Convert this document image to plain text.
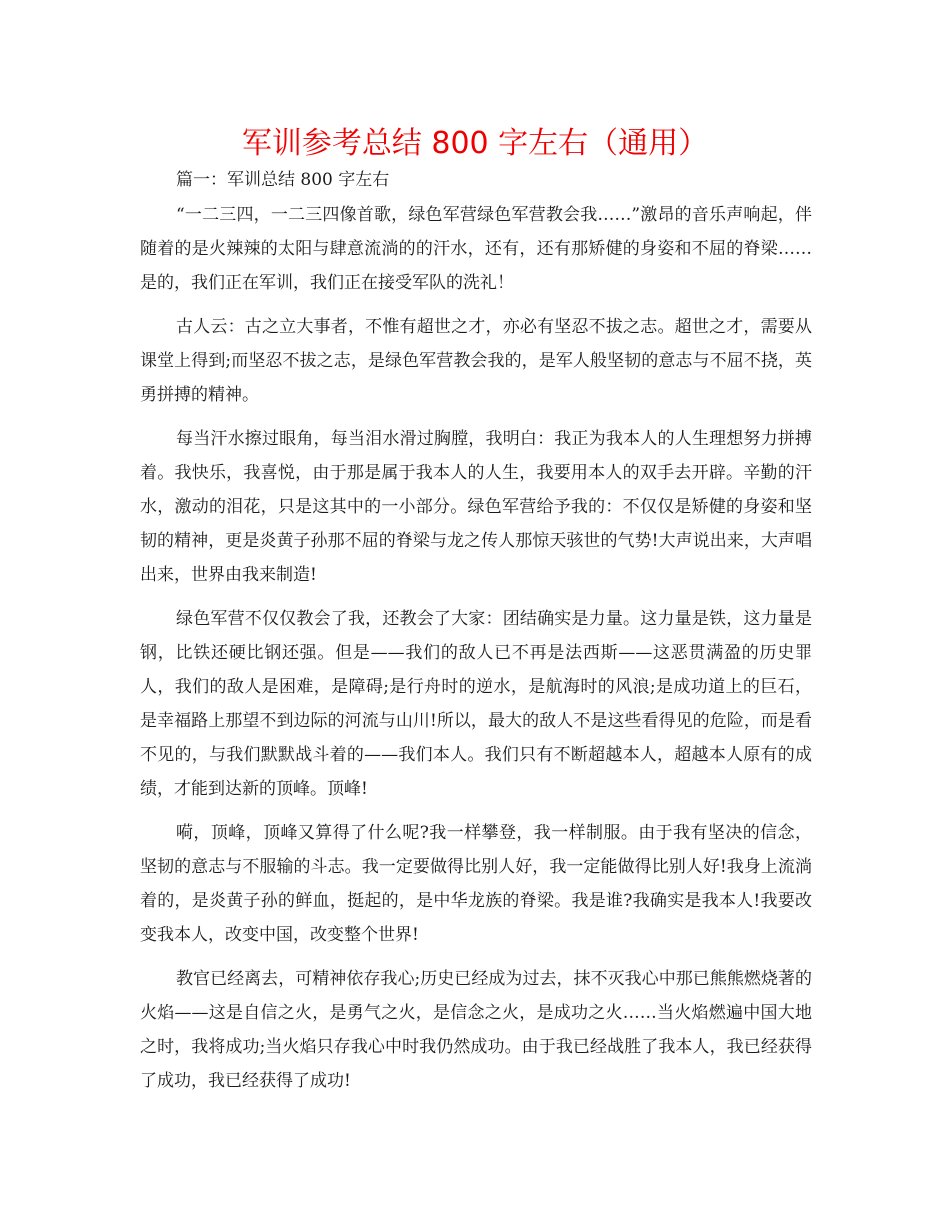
军训参考总结 800 字左右（通用）

篇一：军训总结 800 字左右

“一二三四，一二三四像首歌，绿色军营绿色军营教会我……”激昂的音乐声响起，伴随着的是火辣辣的太阳与肆意流淌的的汗水，还有，还有那矫健的身姿和不屈的脊梁……是的，我们正在军训，我们正在接受军队的洗礼！

古人云：古之立大事者，不惟有超世之才，亦必有坚忍不拔之志。超世之才，需要从课堂上得到;而坚忍不拔之志，是绿色军营教会我的，是军人般坚韧的意志与不屈不挠，英勇拼搏的精神。

每当汗水擦过眼角，每当泪水滑过胸膛，我明白：我正为我本人的人生理想努力拼搏着。我快乐，我喜悦，由于那是属于我本人的人生，我要用本人的双手去开辟。辛勤的汗水，激动的泪花，只是这其中的一小部分。绿色军营给予我的：不仅仅是矫健的身姿和坚韧的精神，更是炎黄子孙那不屈的脊梁与龙之传人那惊天骇世的气势!大声说出来，大声唱出来，世界由我来制造!

绿色军营不仅仅教会了我，还教会了大家：团结确实是力量。这力量是铁，这力量是钢，比铁还硬比钢还强。但是——我们的敌人已不再是法西斯——这恶贯满盈的历史罪人，我们的敌人是困难，是障碍;是行舟时的逆水，是航海时的风浪;是成功道上的巨石，是幸福路上那望不到边际的河流与山川!所以，最大的敌人不是这些看得见的危险，而是看不见的，与我们默默战斗着的——我们本人。我们只有不断超越本人，超越本人原有的成绩，才能到达新的顶峰。顶峰!

嗬，顶峰，顶峰又算得了什么呢?我一样攀登，我一样制服。由于我有坚决的信念，坚韧的意志与不服输的斗志。我一定要做得比别人好，我一定能做得比别人好!我身上流淌着的，是炎黄子孙的鲜血，挺起的，是中华龙族的脊梁。我是谁?我确实是我本人!我要改变我本人，改变中国，改变整个世界!

教官已经离去，可精神依存我心;历史已经成为过去，抹不灭我心中那已熊熊燃烧著的火焰——这是自信之火，是勇气之火，是信念之火，是成功之火……当火焰燃遍中国大地之时，我将成功;当火焰只存我心中时我仍然成功。由于我已经战胜了我本人，我已经获得了成功，我已经获得了成功!
